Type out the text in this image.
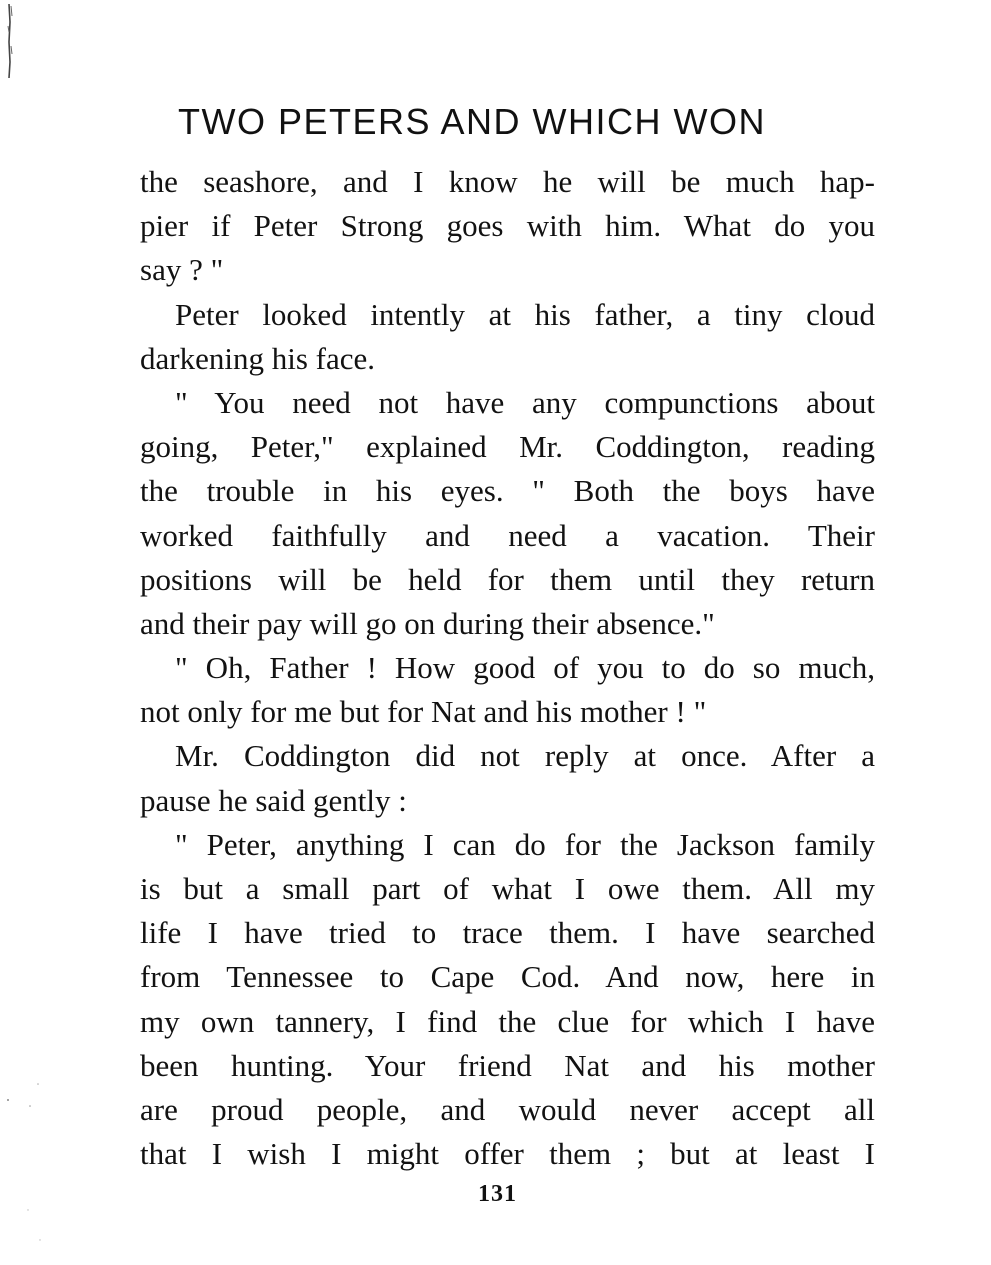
TWO PETERS AND WHICH WON
the seashore, and I know he will be much hap-
pier if Peter Strong goes with him. What do you
say ? "
Peter looked intently at his father, a tiny cloud
darkening his face.
" You need not have any compunctions about
going, Peter," explained Mr. Coddington, reading
the trouble in his eyes. " Both the boys have
worked faithfully and need a vacation. Their
positions will be held for them until they return
and their pay will go on during their absence."
" Oh, Father ! How good of you to do so much,
not only for me but for Nat and his mother ! "
Mr. Coddington did not reply at once. After a
pause he said gently :
" Peter, anything I can do for the Jackson family
is but a small part of what I owe them. All my
life I have tried to trace them. I have searched
from Tennessee to Cape Cod. And now, here in
my own tannery, I find the clue for which I have
been hunting. Your friend Nat and his mother
are proud people, and would never accept all
that I wish I might offer them ; but at least I
131
